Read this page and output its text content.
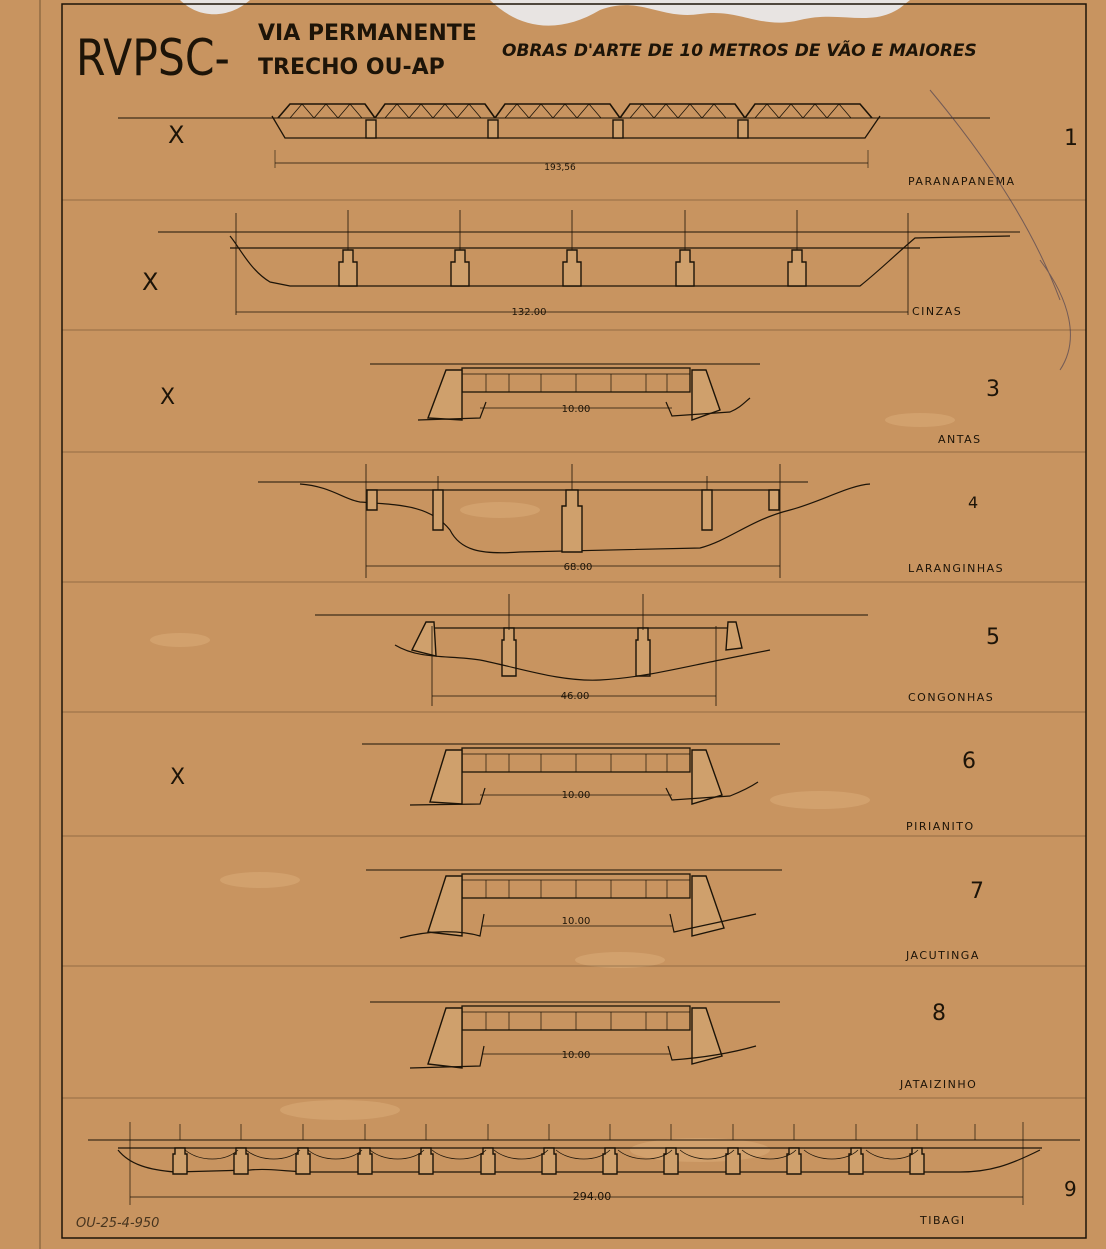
RVPSC- VIA PERMANENTE
TRECHO OU-AP
OBRAS D'ARTE DE 10 METROS DE VÃO E MAIORES
193,56
PARANAPANEMA
X	1
132.00	CINZAS
X
10.00
ANTAS
X	3
68.00	LARANGINHAS
4
46.00	CONGONHAS
5
10.00
PIRIANITO
X
6
10.00
JACUTINGA
7
10.00
JATAIZINHO
8
294.00
TIBAGI
9
OU-25-4-950
